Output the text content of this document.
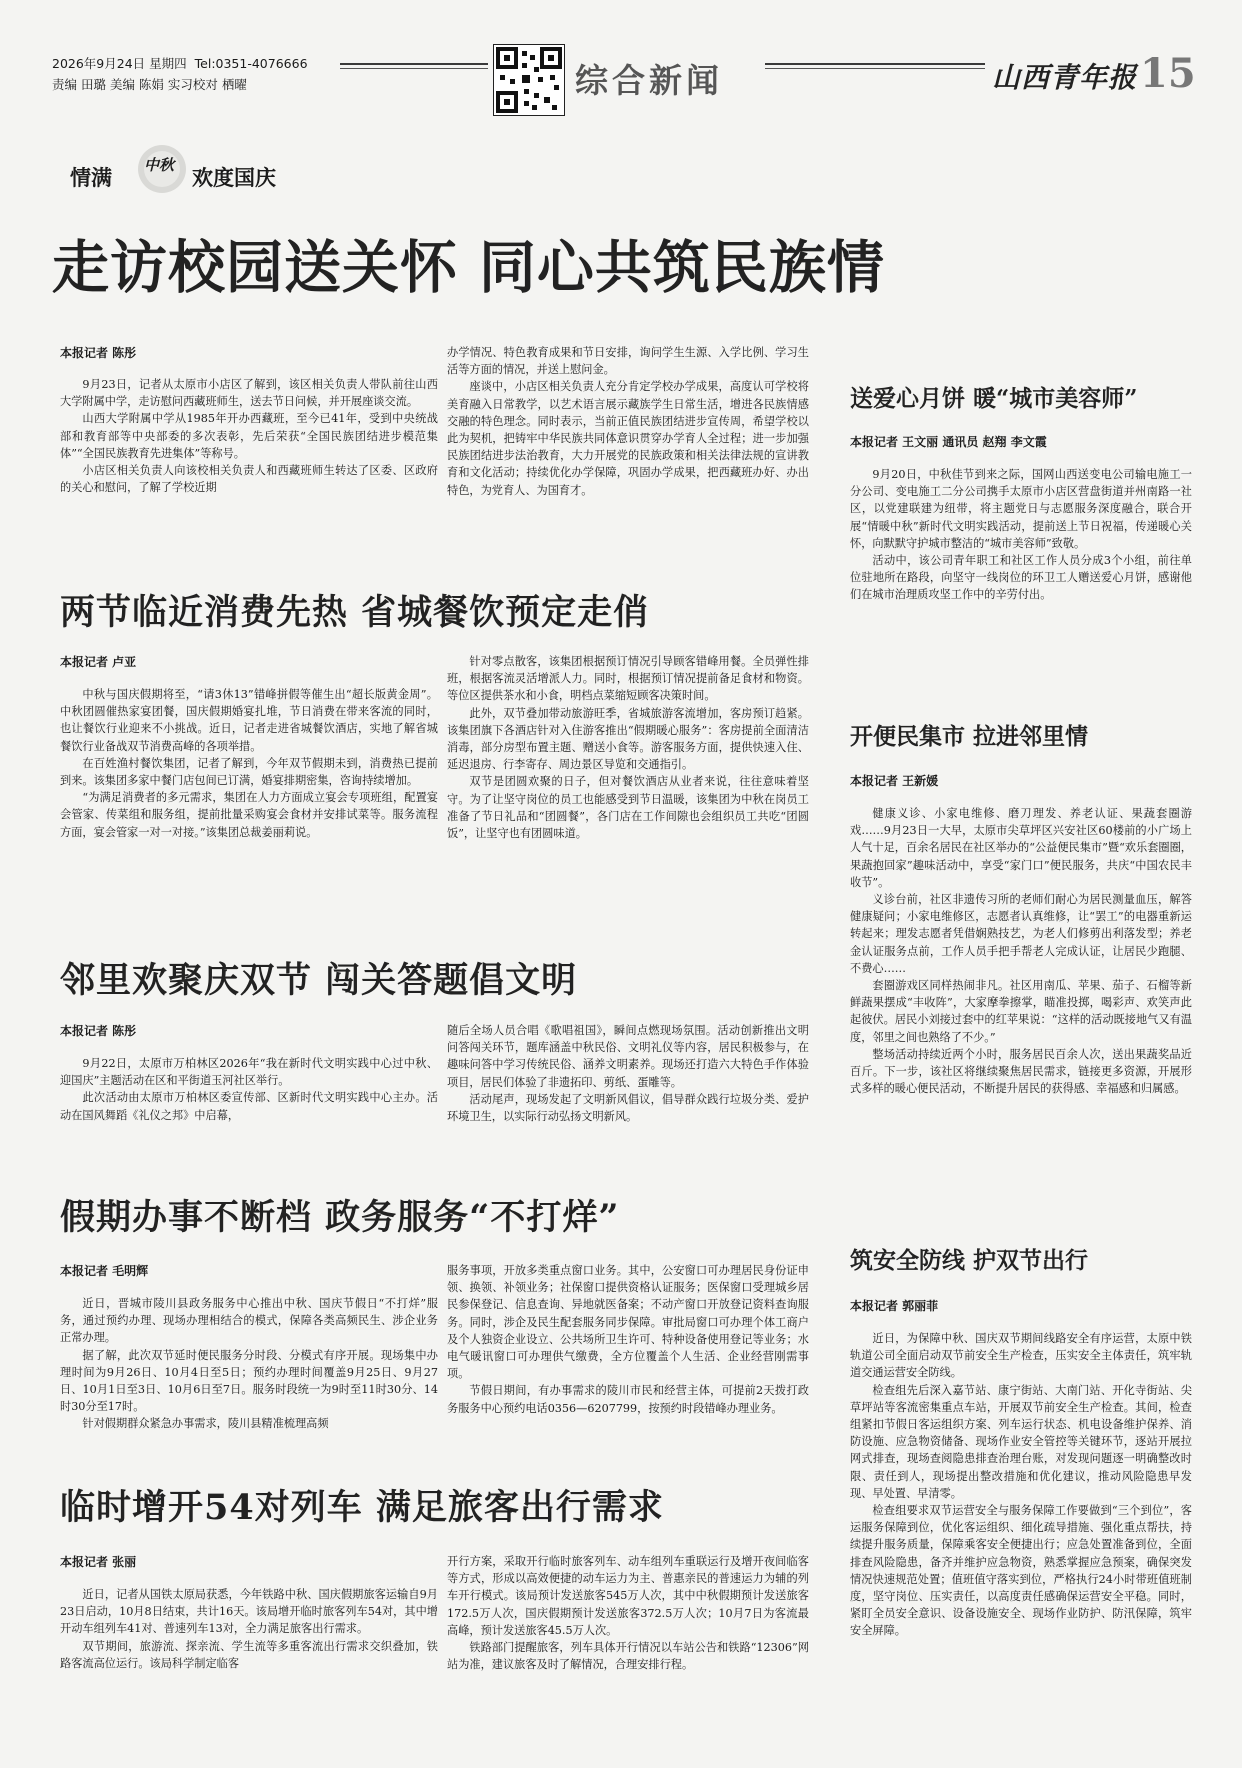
2026年9月24日 星期四 Tel:0351-4076666
责编 田璐 美编 陈娟 实习校对 栖曜	综合新闻	山西青年报 15
情满
中秋
欢度国庆
走访校园送关怀 同心共筑民族情
本报记者 陈彤

9月23日，记者从太原市小店区了解到，该区相关负责人带队前往山西大学附属中学，走访慰问西藏班师生，送去节日问候，并开展座谈交流。

山西大学附属中学从1985年开办西藏班，至今已41年，受到中央统战部和教育部等中央部委的多次表彰，先后荣获“全国民族团结进步模范集体”“全国民族教育先进集体”等称号。

小店区相关负责人向该校相关负责人和西藏班师生转达了区委、区政府的关心和慰问，了解了学校近期

办学情况、特色教育成果和节日安排，询问学生生源、入学比例、学习生活等方面的情况，并送上慰问金。

座谈中，小店区相关负责人充分肯定学校办学成果，高度认可学校将美育融入日常教学，以艺术语言展示藏族学生日常生活，增进各民族情感交融的特色理念。同时表示，当前正值民族团结进步宣传周，希望学校以此为契机，把铸牢中华民族共同体意识贯穿办学育人全过程；进一步加强民族团结进步法治教育，大力开展党的民族政策和相关法律法规的宣讲教育和文化活动；持续优化办学保障，巩固办学成果，把西藏班办好、办出特色，为党育人、为国育才。

两节临近消费先热 省城餐饮预定走俏
本报记者 卢亚

中秋与国庆假期将至，“请3休13”错峰拼假等催生出“超长版黄金周”。中秋团圆催热家宴团餐，国庆假期婚宴扎堆，节日消费在带来客流的同时，也让餐饮行业迎来不小挑战。近日，记者走进省城餐饮酒店，实地了解省城餐饮行业备战双节消费高峰的各项举措。

在百姓渔村餐饮集团，记者了解到，今年双节假期未到，消费热已提前到来。该集团多家中餐门店包间已订满，婚宴排期密集，咨询持续增加。

“为满足消费者的多元需求，集团在人力方面成立宴会专项班组，配置宴会管家、传菜组和服务组，提前批量采购宴会食材并安排试菜等。服务流程方面，宴会管家一对一对接。”该集团总裁姜丽莉说。

针对零点散客，该集团根据预订情况引导顾客错峰用餐。全员弹性排班，根据客流灵活增派人力。同时，根据预订情况提前备足食材和物资。等位区提供茶水和小食，明档点菜缩短顾客决策时间。

此外，双节叠加带动旅游旺季，省城旅游客流增加，客房预订趋紧。该集团旗下各酒店针对入住游客推出“假期暖心服务”：客房提前全面清洁消毒，部分房型布置主题、赠送小食等。游客服务方面，提供快速入住、延迟退房、行李寄存、周边景区导览和交通指引。

双节是团圆欢聚的日子，但对餐饮酒店从业者来说，往往意味着坚守。为了让坚守岗位的员工也能感受到节日温暖，该集团为中秋在岗员工准备了节日礼品和“团圆餐”，各门店在工作间隙也会组织员工共吃“团圆饭”，让坚守也有团圆味道。

邻里欢聚庆双节 闯关答题倡文明
本报记者 陈彤

9月22日，太原市万柏林区2026年“我在新时代文明实践中心过中秋、迎国庆”主题活动在区和平街道玉河社区举行。

此次活动由太原市万柏林区委宣传部、区新时代文明实践中心主办。活动在国风舞蹈《礼仪之邦》中启幕，

随后全场人员合唱《歌唱祖国》，瞬间点燃现场氛围。活动创新推出文明问答闯关环节，题库涵盖中秋民俗、文明礼仪等内容，居民积极参与，在趣味问答中学习传统民俗、涵养文明素养。现场还打造六大特色手作体验项目，居民们体验了非遗拓印、剪纸、蛋雕等。

活动尾声，现场发起了文明新风倡议，倡导群众践行垃圾分类、爱护环境卫生，以实际行动弘扬文明新风。

假期办事不断档 政务服务“不打烊”
本报记者 毛明辉

近日，晋城市陵川县政务服务中心推出中秋、国庆节假日“不打烊”服务，通过预约办理、现场办理相结合的模式，保障各类高频民生、涉企业务正常办理。

据了解，此次双节延时便民服务分时段、分模式有序开展。现场集中办理时间为9月26日、10月4日至5日；预约办理时间覆盖9月25日、9月27日、10月1日至3日、10月6日至7日。服务时段统一为9时至11时30分、14时30分至17时。

针对假期群众紧急办事需求，陵川县精准梳理高频

服务事项，开放多类重点窗口业务。其中，公安窗口可办理居民身份证申领、换领、补领业务；社保窗口提供资格认证服务；医保窗口受理城乡居民参保登记、信息查询、异地就医备案；不动产窗口开放登记资料查询服务。同时，涉企及民生配套服务同步保障。审批局窗口可办理个体工商户及个人独资企业设立、公共场所卫生许可、特种设备使用登记等业务；水电气暖讯窗口可办理供气缴费，全方位覆盖个人生活、企业经营刚需事项。

节假日期间，有办事需求的陵川市民和经营主体，可提前2天拨打政务服务中心预约电话0356—6207799，按预约时段错峰办理业务。

临时增开54对列车 满足旅客出行需求
本报记者 张丽

近日，记者从国铁太原局获悉，今年铁路中秋、国庆假期旅客运输自9月23日启动，10月8日结束，共计16天。该局增开临时旅客列车54对，其中增开动车组列车41对、普速列车13对，全力满足旅客出行需求。

双节期间，旅游流、探亲流、学生流等多重客流出行需求交织叠加，铁路客流高位运行。该局科学制定临客

开行方案，采取开行临时旅客列车、动车组列车重联运行及增开夜间临客等方式，形成以高效便捷的动车运力为主、普惠亲民的普速运力为辅的列车开行模式。该局预计发送旅客545万人次，其中中秋假期预计发送旅客172.5万人次，国庆假期预计发送旅客372.5万人次；10月7日为客流最高峰，预计发送旅客45.5万人次。

铁路部门提醒旅客，列车具体开行情况以车站公告和铁路“12306”网站为准，建议旅客及时了解情况，合理安排行程。

送爱心月饼 暖“城市美容师”
本报记者 王文丽 通讯员 赵翔 李文霞

9月20日，中秋佳节到来之际，国网山西送变电公司输电施工一分公司、变电施工二分公司携手太原市小店区营盘街道并州南路一社区，以党建联建为纽带，将主题党日与志愿服务深度融合，联合开展“情暖中秋”新时代文明实践活动，提前送上节日祝福，传递暖心关怀，向默默守护城市整洁的“城市美容师”致敬。

活动中，该公司青年职工和社区工作人员分成3个小组，前往单位驻地所在路段，向坚守一线岗位的环卫工人赠送爱心月饼，感谢他们在城市治理质攻坚工作中的辛劳付出。

开便民集市 拉进邻里情
本报记者 王新媛

健康义诊、小家电维修、磨刀理发、养老认证、果蔬套圈游戏……9月23日一大早，太原市尖草坪区兴安社区60楼前的小广场上人气十足，百余名居民在社区举办的“公益便民集市”暨“欢乐套圈圈，果蔬抱回家”趣味活动中，享受“家门口”便民服务，共庆“中国农民丰收节”。

义诊台前，社区非遗传习所的老师们耐心为居民测量血压，解答健康疑问；小家电维修区，志愿者认真维修，让“罢工”的电器重新运转起来；理发志愿者凭借娴熟技艺，为老人们修剪出利落发型；养老金认证服务点前，工作人员手把手帮老人完成认证，让居民少跑腿、不费心……

套圈游戏区同样热闹非凡。社区用南瓜、苹果、茄子、石榴等新鲜蔬果摆成“丰收阵”，大家摩拳擦掌，瞄准投掷，喝彩声、欢笑声此起彼伏。居民小刘接过套中的红苹果说：“这样的活动既接地气又有温度，邻里之间也熟络了不少。”

整场活动持续近两个小时，服务居民百余人次，送出果蔬奖品近百斤。下一步，该社区将继续聚焦居民需求，链接更多资源，开展形式多样的暖心便民活动，不断提升居民的获得感、幸福感和归属感。

筑安全防线 护双节出行
本报记者 郭丽菲

近日，为保障中秋、国庆双节期间线路安全有序运营，太原中铁轨道公司全面启动双节前安全生产检查，压实安全主体责任，筑牢轨道交通运营安全防线。

检查组先后深入嘉节站、康宁街站、大南门站、开化寺街站、尖草坪站等客流密集重点车站，开展双节前安全生产检查。其间，检查组紧扣节假日客运组织方案、列车运行状态、机电设备维护保养、消防设施、应急物资储备、现场作业安全管控等关键环节，逐站开展拉网式排查，现场查阅隐患排查治理台账，对发现问题逐一明确整改时限、责任到人，现场提出整改措施和优化建议，推动风险隐患早发现、早处置、早清零。

检查组要求双节运营安全与服务保障工作要做到“三个到位”，客运服务保障到位，优化客运组织、细化疏导措施、强化重点帮扶，持续提升服务质量，保障乘客安全便捷出行；应急处置准备到位，全面排查风险隐患，备齐并维护应急物资，熟悉掌握应急预案，确保突发情况快速规范处置；值班值守落实到位，严格执行24小时带班值班制度，坚守岗位、压实责任，以高度责任感确保运营安全平稳。同时，紧盯全员安全意识、设备设施安全、现场作业防护、防汛保障，筑牢安全屏障。
